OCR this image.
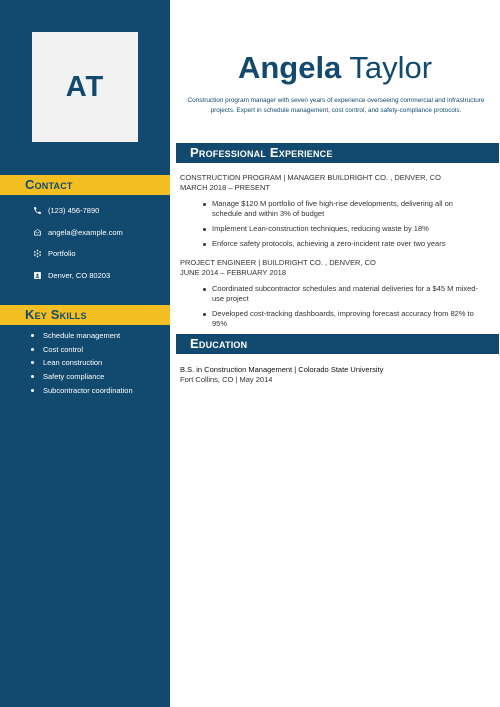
AT
Contact
(123) 456-7890
angela@example.com
Portfolio
Denver, CO 80203
Key Skills
Schedule management
Cost control
Lean construction
Safety compliance
Subcontractor coordination
Angela Taylor

Construction program manager with seven years of experience overseeing commercial and infrastructure projects. Expert in schedule management, cost control, and safety-compliance protocols.

Professional Experience
CONSTRUCTION PROGRAM | MANAGER BUILDRIGHT CO. , DENVER, CO
MARCH 2018 – PRESENT
Manage $120 M portfolio of five high-rise developments, delivering all on schedule and within 3% of budget
Implement Lean-construction techniques, reducing waste by 18%
Enforce safety protocols, achieving a zero-incident rate over two years
PROJECT ENGINEER | BUILDRIGHT CO. , DENVER, CO
JUNE 2014 – FEBRUARY 2018
Coordinated subcontractor schedules and material deliveries for a $45 M mixed-use project
Developed cost-tracking dashboards, improving forecast accuracy from 82% to 95%
Education
B.S. in Construction Management | Colorado State University
Fort Collins, CO | May 2014
